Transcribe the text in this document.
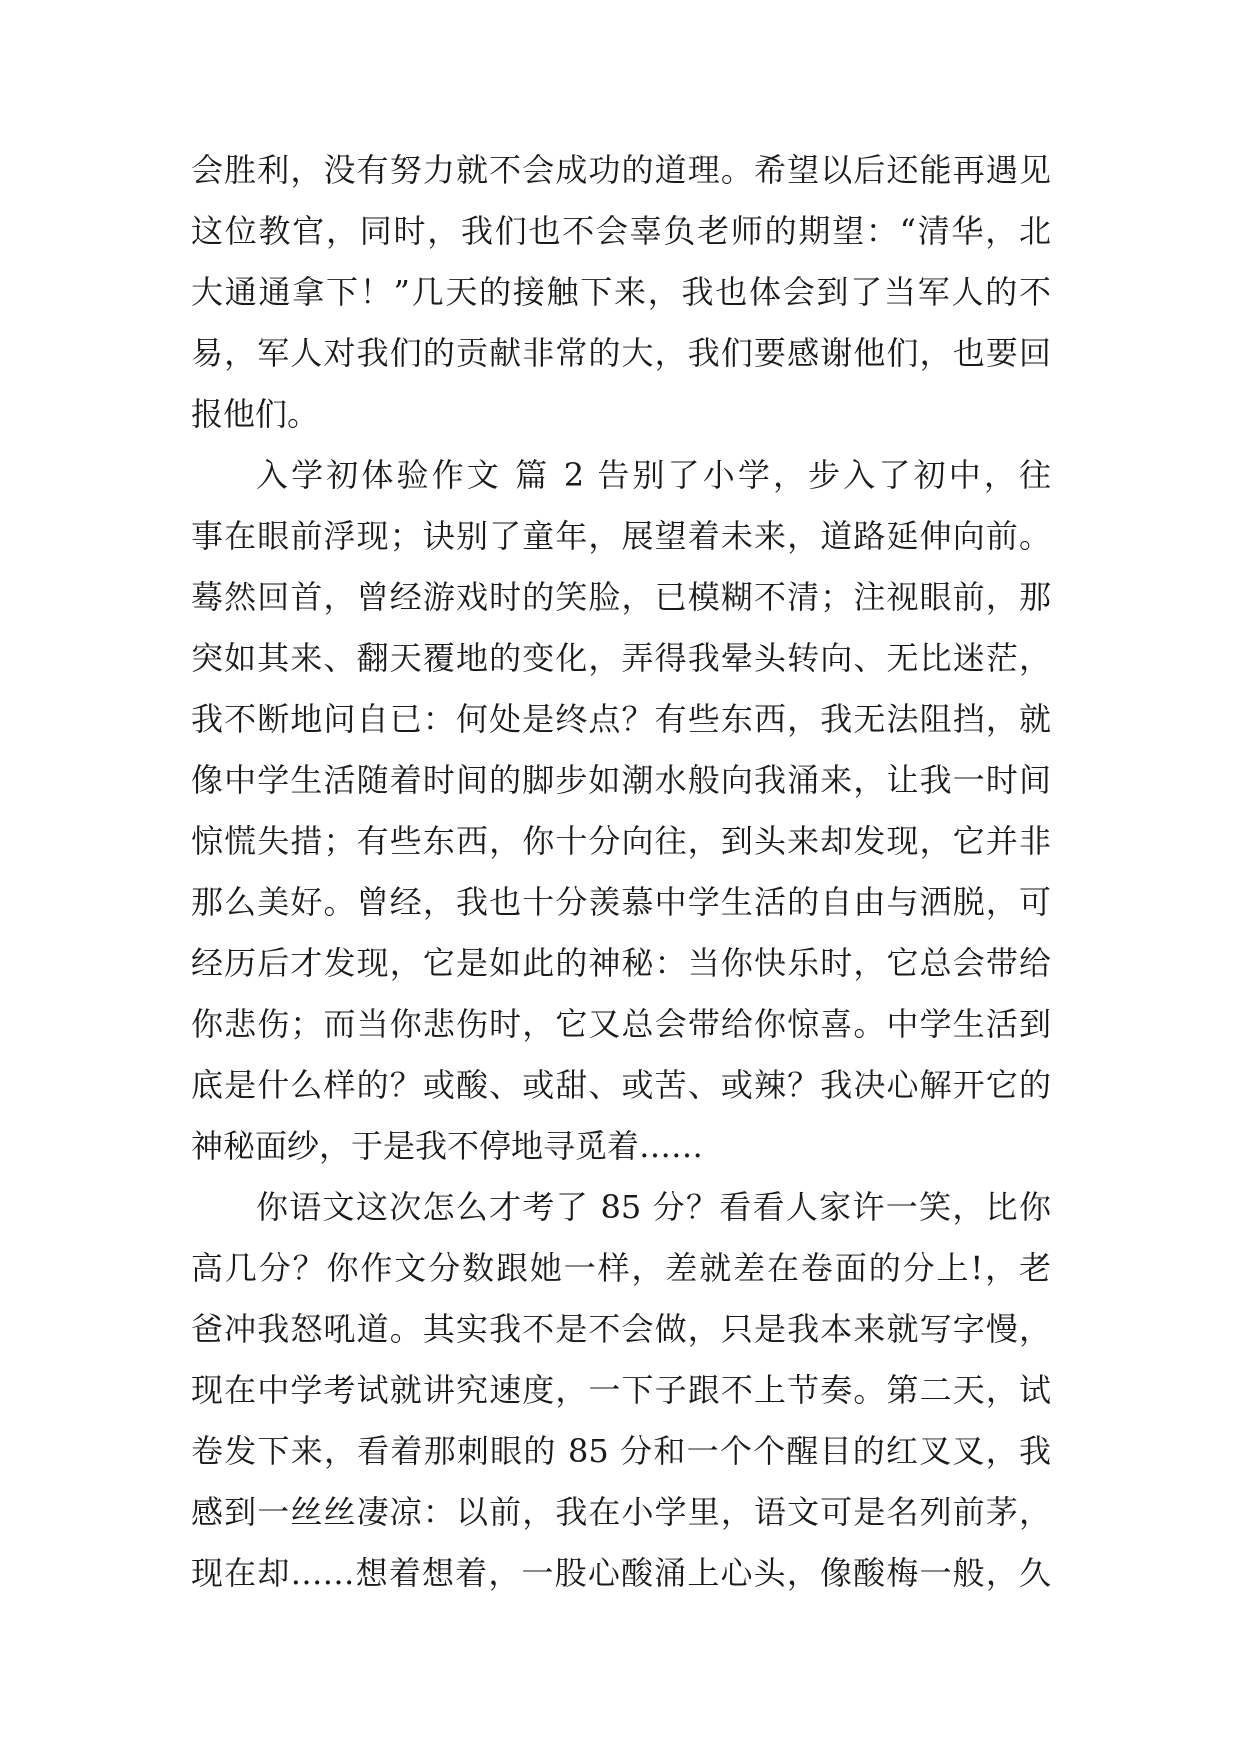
会胜利，没有努力就不会成功的道理。希望以后还能再遇见
这位教官，同时，我们也不会辜负老师的期望：“清华，北
大通通拿下！”几天的接触下来，我也体会到了当军人的不
易，军人对我们的贡献非常的大，我们要感谢他们，也要回
报他们。
入学初体验作文 篇 2 告别了小学，步入了初中，往
事在眼前浮现；诀别了童年，展望着未来，道路延伸向前。
蓦然回首，曾经游戏时的笑脸，已模糊不清；注视眼前，那
突如其来、翻天覆地的变化，弄得我晕头转向、无比迷茫，
我不断地问自已：何处是终点？有些东西，我无法阻挡，就
像中学生活随着时间的脚步如潮水般向我涌来，让我一时间
惊慌失措；有些东西，你十分向往，到头来却发现，它并非
那么美好。曾经，我也十分羡慕中学生活的自由与洒脱，可
经历后才发现，它是如此的神秘：当你快乐时，它总会带给
你悲伤；而当你悲伤时，它又总会带给你惊喜。中学生活到
底是什么样的？或酸、或甜、或苦、或辣？我决心解开它的
神秘面纱，于是我不停地寻觅着……
你语文这次怎么才考了 85 分？看看人家许一笑，比你
高几分？你作文分数跟她一样，差就差在卷面的分上!，老
爸冲我怒吼道。其实我不是不会做，只是我本来就写字慢，
现在中学考试就讲究速度，一下子跟不上节奏。第二天，试
卷发下来，看着那刺眼的 85 分和一个个醒目的红叉叉，我
感到一丝丝凄凉：以前，我在小学里，语文可是名列前茅，
现在却……想着想着，一股心酸涌上心头，像酸梅一般，久
